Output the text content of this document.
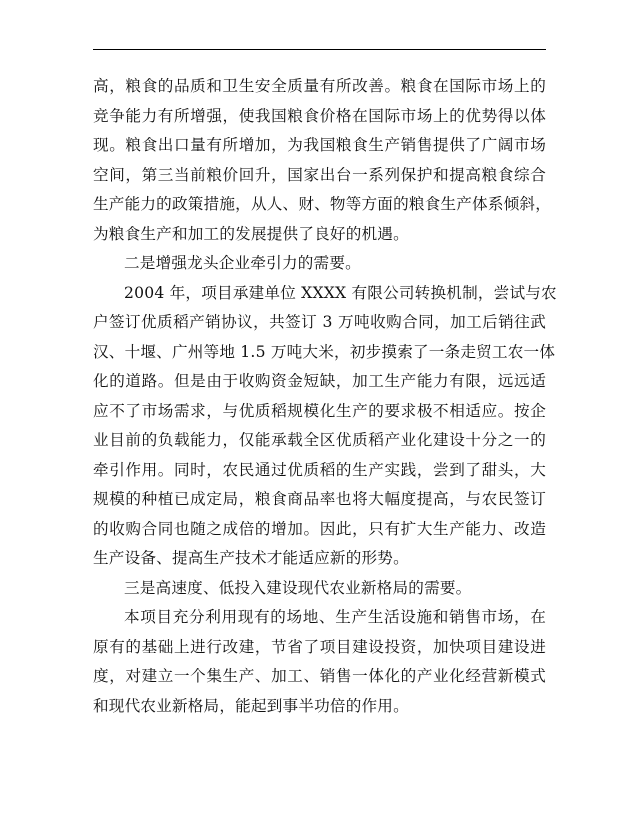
高，粮食的品质和卫生安全质量有所改善。粮食在国际市场上的
竞争能力有所增强，使我国粮食价格在国际市场上的优势得以体
现。粮食出口量有所增加，为我国粮食生产销售提供了广阔市场
空间，第三当前粮价回升，国家出台一系列保护和提高粮食综合
生产能力的政策措施，从人、财、物等方面的粮食生产体系倾斜，
为粮食生产和加工的发展提供了良好的机遇。
二是增强龙头企业牵引力的需要。
2004 年，项目承建单位 XXXX 有限公司转换机制，尝试与农
户签订优质稻产销协议，共签订 3 万吨收购合同，加工后销往武
汉、十堰、广州等地 1.5 万吨大米，初步摸索了一条走贸工农一体
化的道路。但是由于收购资金短缺，加工生产能力有限，远远适
应不了市场需求，与优质稻规模化生产的要求极不相适应。按企
业目前的负载能力，仅能承载全区优质稻产业化建设十分之一的
牵引作用。同时，农民通过优质稻的生产实践，尝到了甜头，大
规模的种植已成定局，粮食商品率也将大幅度提高，与农民签订
的收购合同也随之成倍的增加。因此，只有扩大生产能力、改造
生产设备、提高生产技术才能适应新的形势。
三是高速度、低投入建设现代农业新格局的需要。
本项目充分利用现有的场地、生产生活设施和销售市场，在
原有的基础上进行改建，节省了项目建设投资，加快项目建设进
度，对建立一个集生产、加工、销售一体化的产业化经营新模式
和现代农业新格局，能起到事半功倍的作用。
